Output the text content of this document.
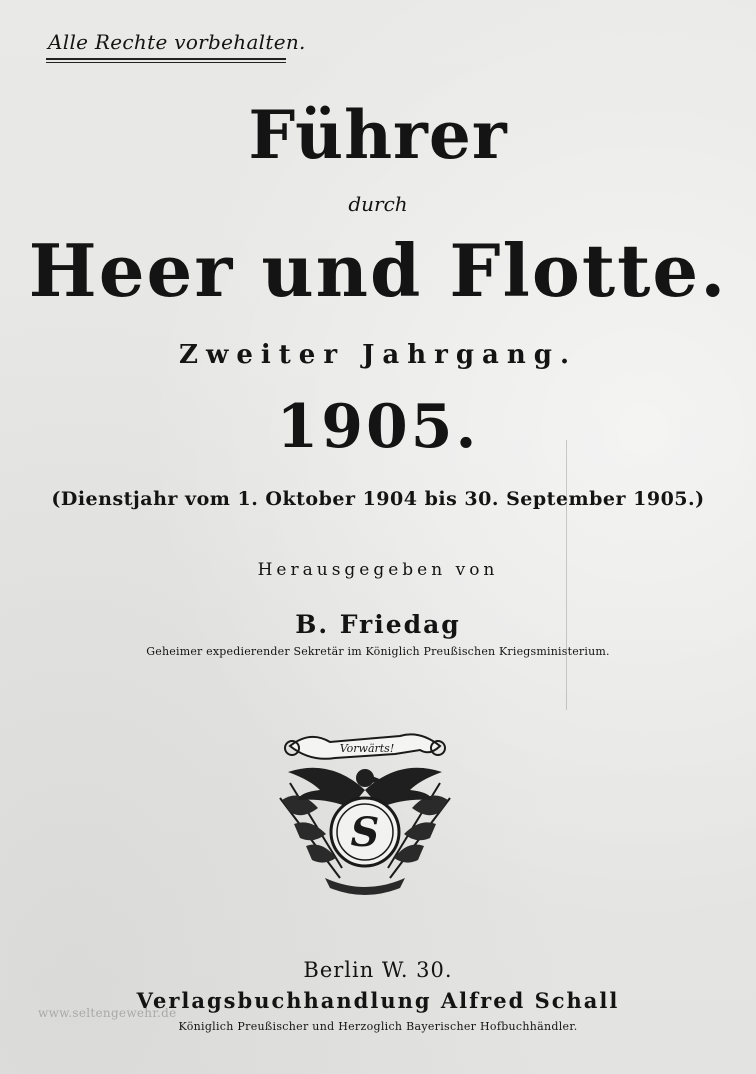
Alle Rechte vorbehalten.
Führer
durch
Heer und Flotte.
Zweiter Jahrgang.
1905.
(Dienstjahr vom 1. Oktober 1904 bis 30. September 1905.)
Herausgegeben von
B. Friedag
Geheimer expedierender Sekretär im Königlich Preußischen Kriegsministerium.
Vorwärts!
S
Berlin W. 30.
Verlagsbuchhandlung Alfred Schall
Königlich Preußischer und Herzoglich Bayerischer Hofbuchhändler.
www.seltengewehr.de
